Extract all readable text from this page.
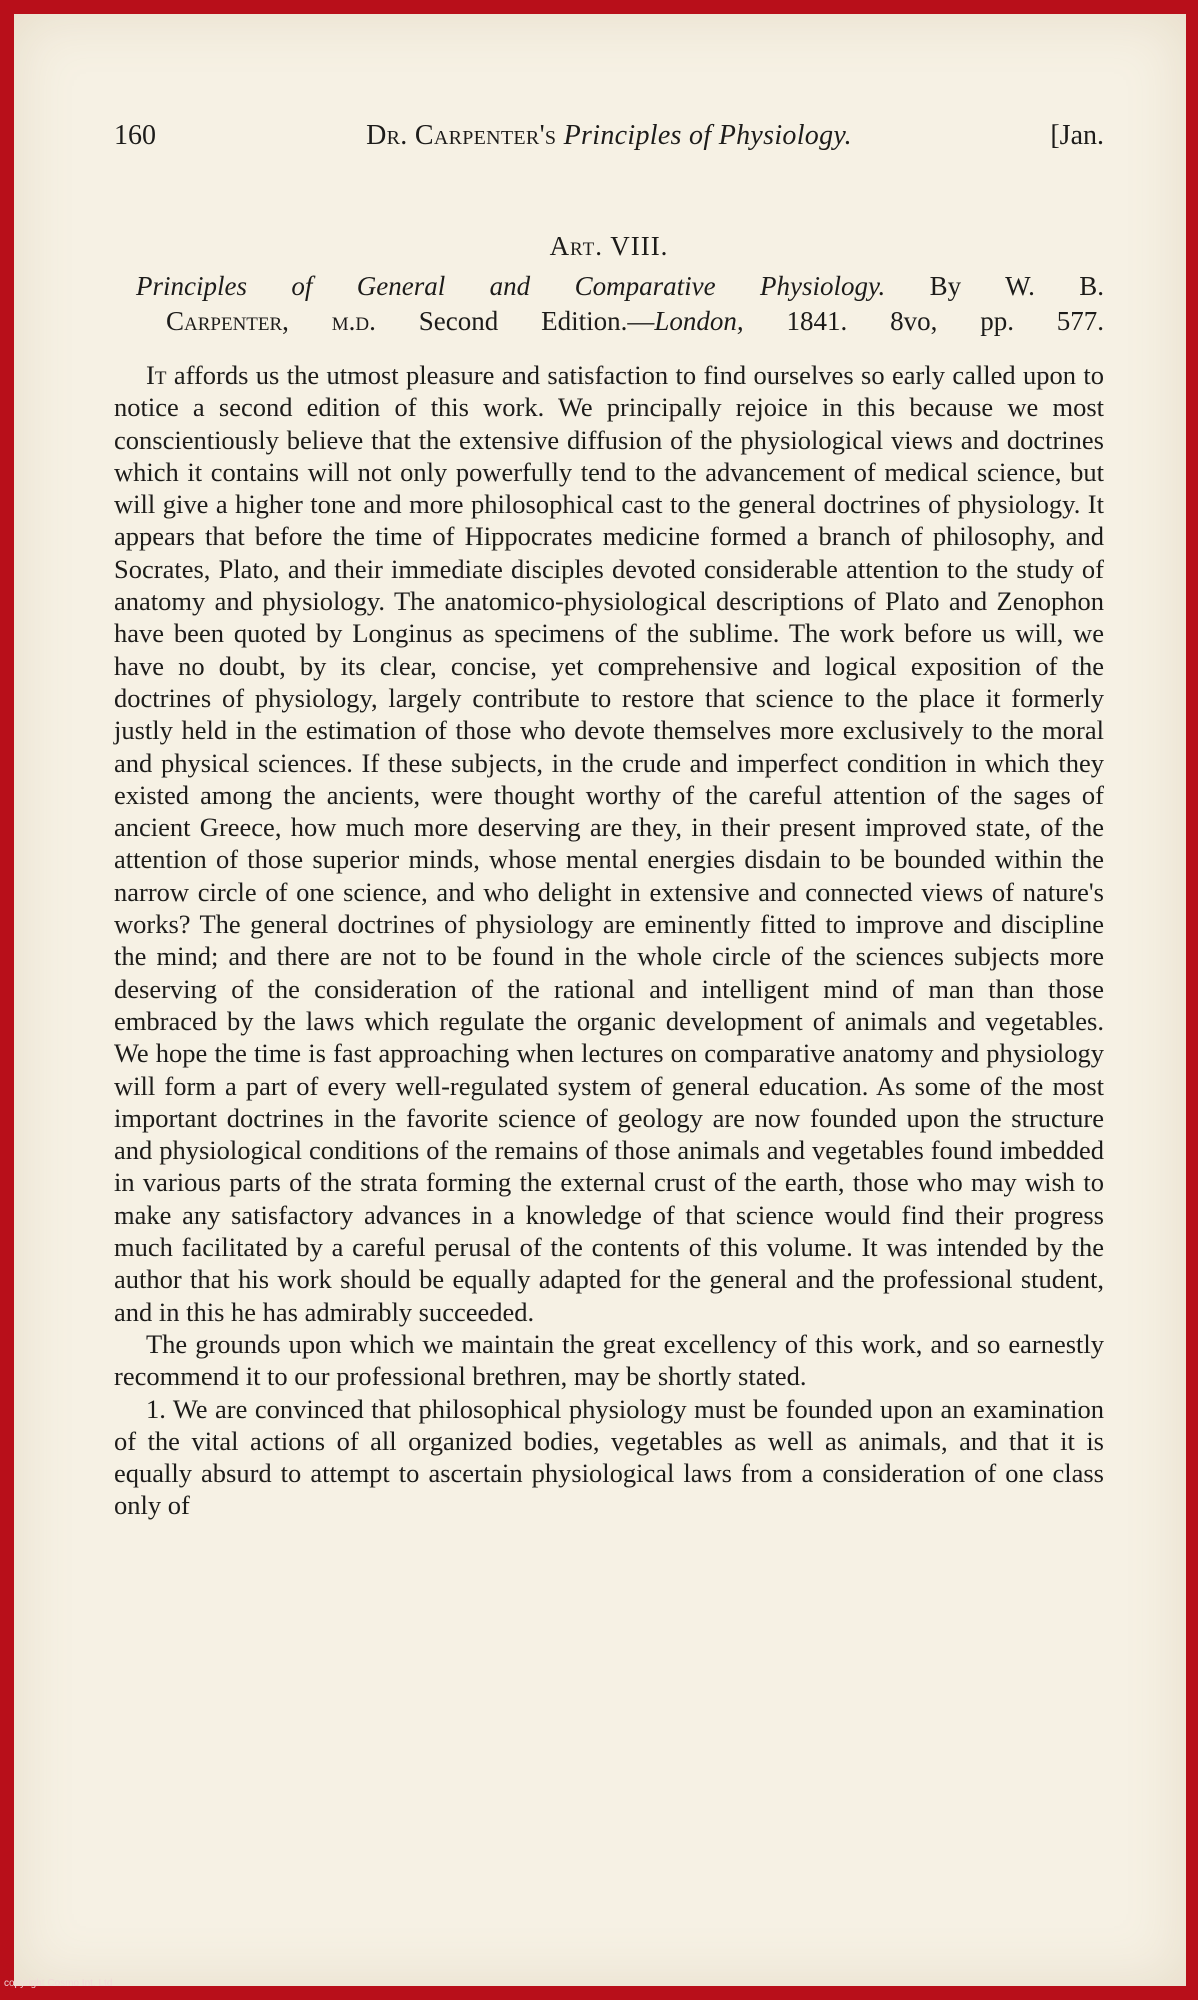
160	Dr. Carpenter's Principles of Physiology.	[Jan.
Art. VIII.
Principles of General and Comparative Physiology. By W. B.
Carpenter, m.d. Second Edition.—London, 1841. 8vo, pp. 577.

It affords us the utmost pleasure and satisfaction to find ourselves so early called upon to notice a second edition of this work. We principally rejoice in this because we most conscientiously believe that the extensive diffusion of the physiological views and doctrines which it contains will not only powerfully tend to the advancement of medical science, but will give a higher tone and more philosophical cast to the general doctrines of physiology. It appears that before the time of Hippocrates medicine formed a branch of philosophy, and Socrates, Plato, and their immediate disciples devoted considerable attention to the study of anatomy and physiology. The anatomico-physiological descriptions of Plato and Zenophon have been quoted by Longinus as specimens of the sublime. The work before us will, we have no doubt, by its clear, concise, yet comprehensive and logical exposition of the doctrines of physiology, largely contribute to restore that science to the place it formerly justly held in the estimation of those who devote themselves more exclusively to the moral and physical sciences. If these subjects, in the crude and imperfect condition in which they existed among the ancients, were thought worthy of the careful attention of the sages of ancient Greece, how much more deserving are they, in their present improved state, of the attention of those superior minds, whose mental energies disdain to be bounded within the narrow circle of one science, and who delight in extensive and connected views of nature's works? The general doctrines of physiology are eminently fitted to improve and discipline the mind; and there are not to be found in the whole circle of the sciences subjects more deserving of the consideration of the rational and intelligent mind of man than those embraced by the laws which regulate the organic development of animals and vegetables. We hope the time is fast approaching when lectures on comparative anatomy and physiology will form a part of every well-regulated system of general education. As some of the most important doctrines in the favorite science of geology are now founded upon the structure and physiological conditions of the remains of those animals and vegetables found imbedded in various parts of the strata forming the external crust of the earth, those who may wish to make any satisfactory advances in a knowledge of that science would find their progress much facilitated by a careful perusal of the contents of this volume. It was intended by the author that his work should be equally adapted for the general and the professional student, and in this he has admirably succeeded.

The grounds upon which we maintain the great excellency of this work, and so earnestly recommend it to our professional brethren, may be shortly stated.

1. We are convinced that philosophical physiology must be founded upon an examination of the vital actions of all organized bodies, vegetables as well as animals, and that it is equally absurd to attempt to ascertain physiological laws from a consideration of one class only of

copyright Cosmo Int. Ltd
